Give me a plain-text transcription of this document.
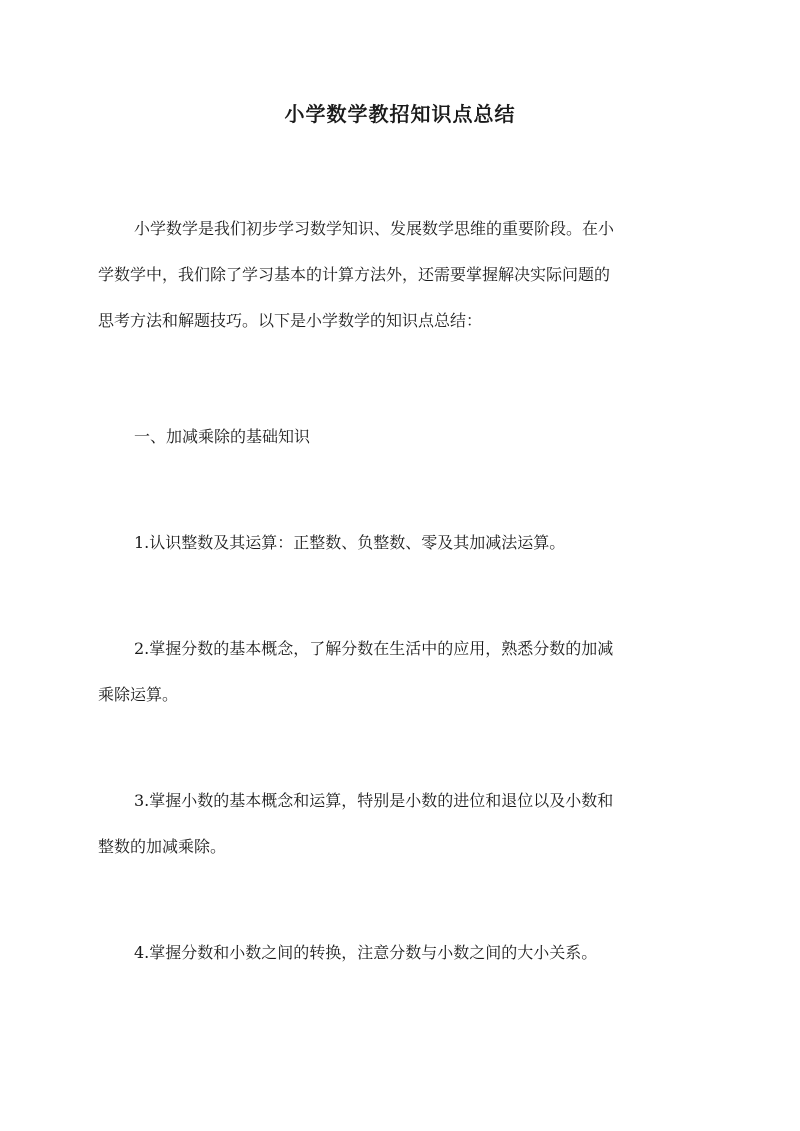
小学数学教招知识点总结
小学数学是我们初步学习数学知识、发展数学思维的重要阶段。在小
学数学中，我们除了学习基本的计算方法外，还需要掌握解决实际问题的
思考方法和解题技巧。以下是小学数学的知识点总结：
一、加减乘除的基础知识
1.认识整数及其运算：正整数、负整数、零及其加减法运算。
2.掌握分数的基本概念，了解分数在生活中的应用，熟悉分数的加减
乘除运算。
3.掌握小数的基本概念和运算，特别是小数的进位和退位以及小数和
整数的加减乘除。
4.掌握分数和小数之间的转换，注意分数与小数之间的大小关系。
